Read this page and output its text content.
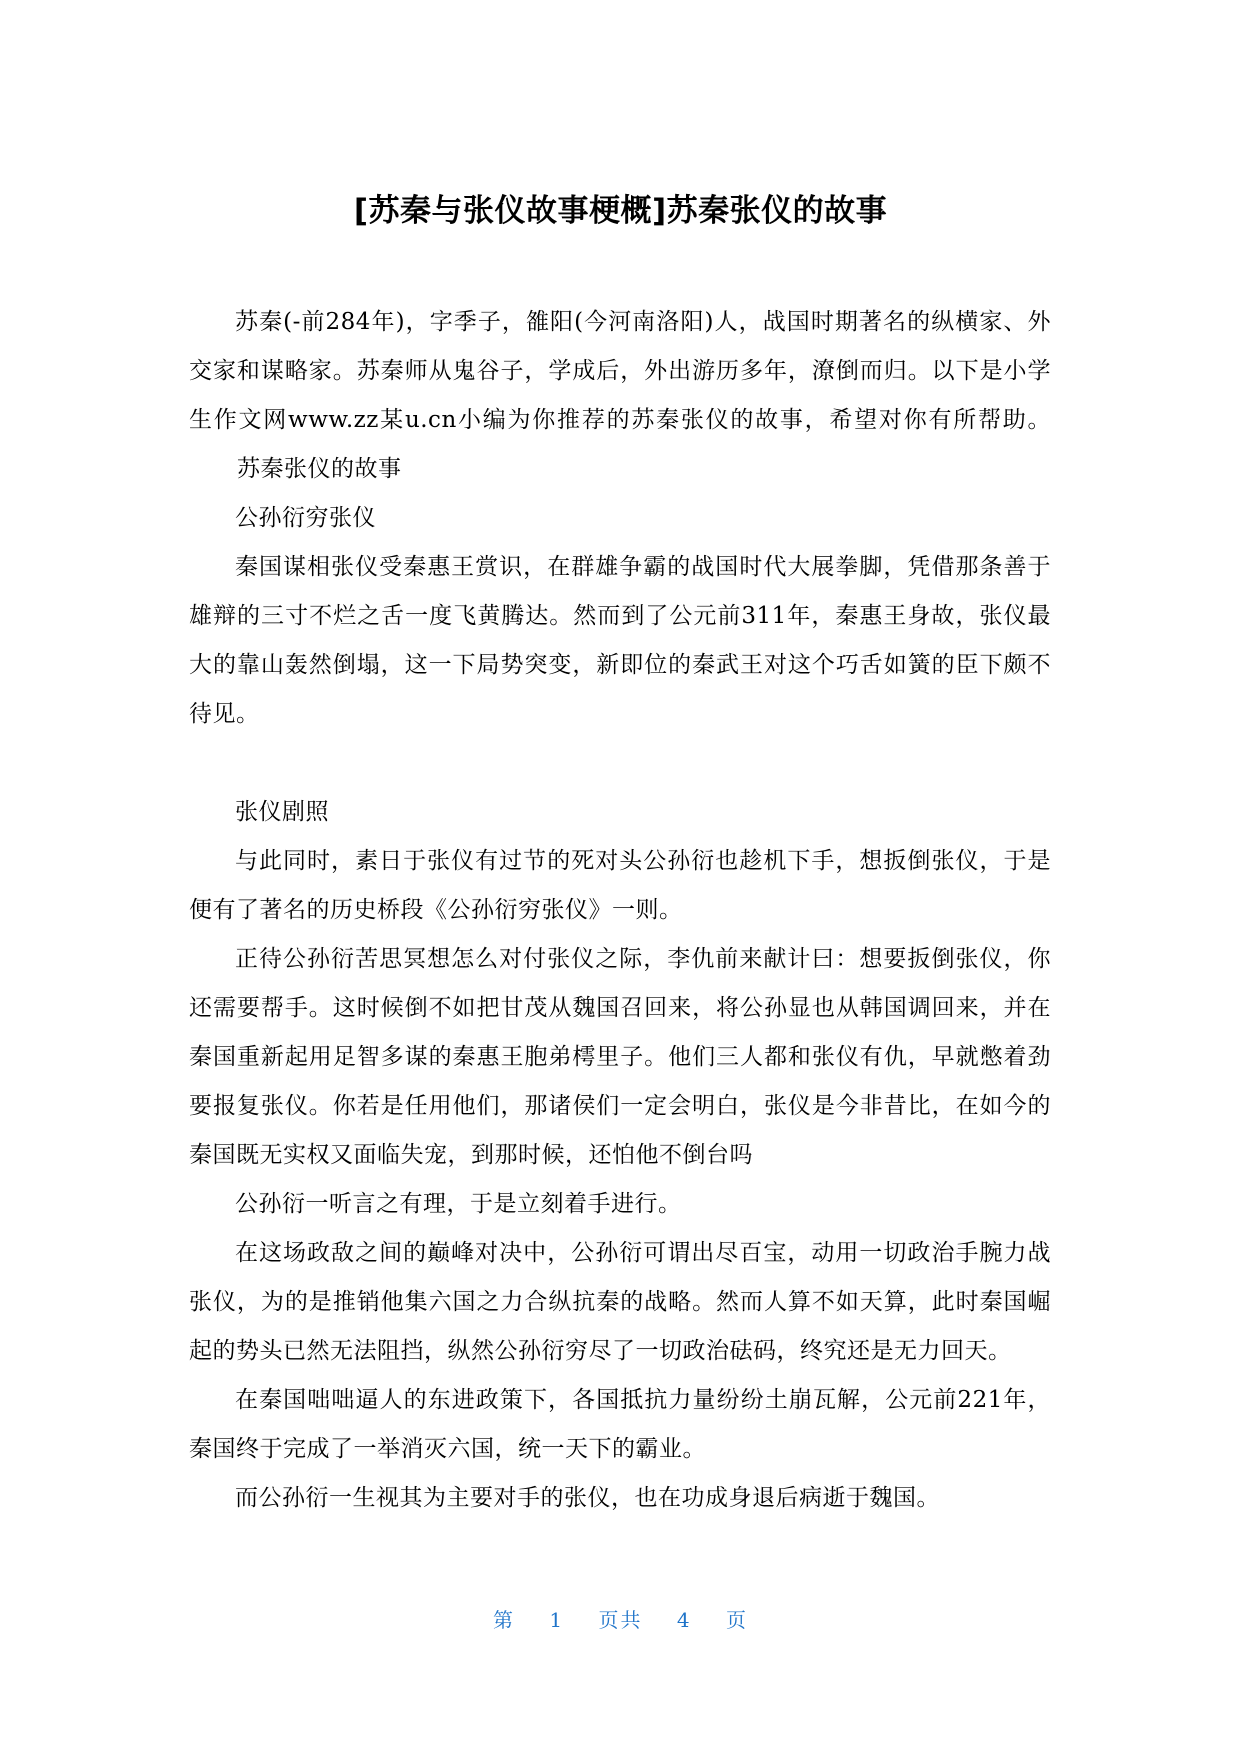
[苏秦与张仪故事梗概]苏秦张仪的故事

苏秦(-前284年)，字季子，雒阳(今河南洛阳)人，战国时期著名的纵横家、外交家和谋略家。苏秦师从鬼谷子，学成后，外出游历多年，潦倒而归。以下是小学生作文网www.zz某u.cn小编为你推荐的苏秦张仪的故事，希望对你有所帮助。苏秦张仪的故事

公孙衍穷张仪

秦国谋相张仪受秦惠王赏识，在群雄争霸的战国时代大展拳脚，凭借那条善于雄辩的三寸不烂之舌一度飞黄腾达。然而到了公元前311年，秦惠王身故，张仪最大的靠山轰然倒塌，这一下局势突变，新即位的秦武王对这个巧舌如簧的臣下颇不待见。

张仪剧照

与此同时，素日于张仪有过节的死对头公孙衍也趁机下手，想扳倒张仪，于是便有了著名的历史桥段《公孙衍穷张仪》一则。

正待公孙衍苦思冥想怎么对付张仪之际，李仇前来献计曰：想要扳倒张仪，你还需要帮手。这时候倒不如把甘茂从魏国召回来，将公孙显也从韩国调回来，并在秦国重新起用足智多谋的秦惠王胞弟樗里子。他们三人都和张仪有仇，早就憋着劲要报复张仪。你若是任用他们，那诸侯们一定会明白，张仪是今非昔比，在如今的秦国既无实权又面临失宠，到那时候，还怕他不倒台吗

公孙衍一听言之有理，于是立刻着手进行。

在这场政敌之间的巅峰对决中，公孙衍可谓出尽百宝，动用一切政治手腕力战张仪，为的是推销他集六国之力合纵抗秦的战略。然而人算不如天算，此时秦国崛起的势头已然无法阻挡，纵然公孙衍穷尽了一切政治砝码，终究还是无力回天。

在秦国咄咄逼人的东进政策下，各国抵抗力量纷纷土崩瓦解，公元前221年，秦国终于完成了一举消灭六国，统一天下的霸业。

而公孙衍一生视其为主要对手的张仪，也在功成身退后病逝于魏国。

第 1 页共 4 页
